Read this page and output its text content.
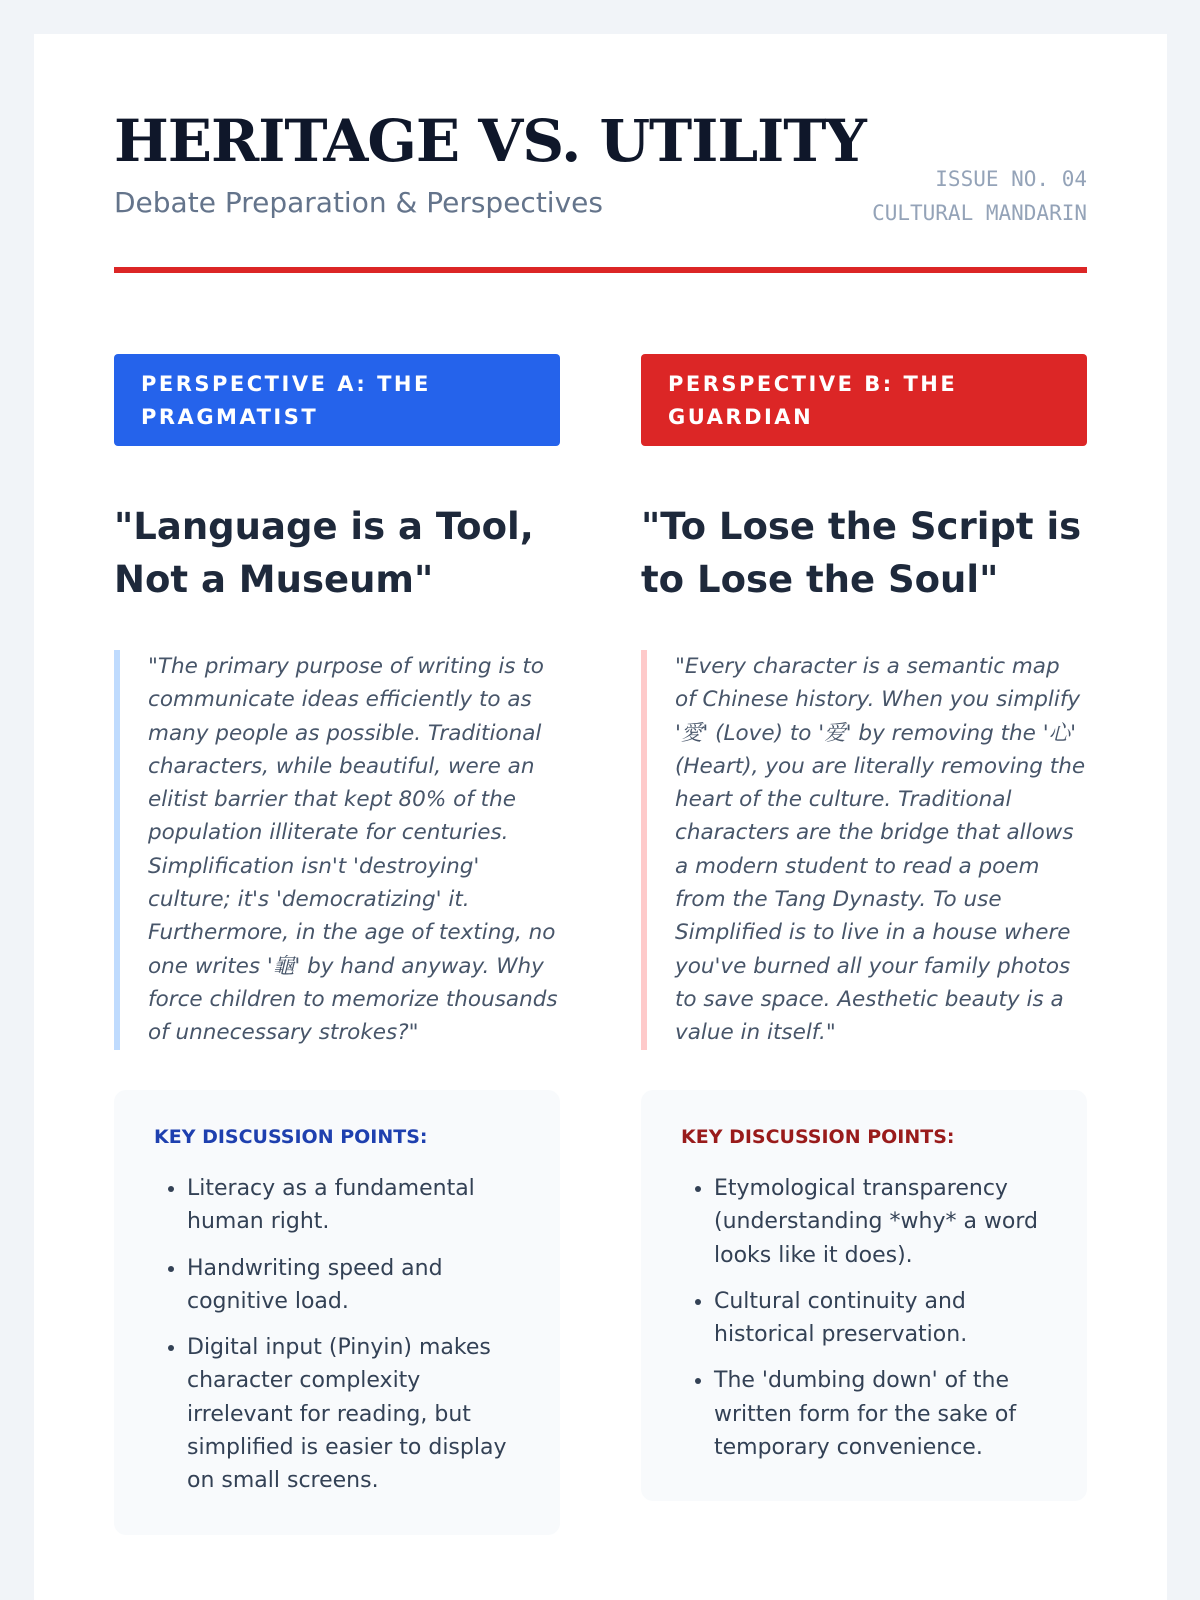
HERITAGE VS. UTILITY
Debate Preparation & Perspectives
ISSUE NO. 04
CULTURAL MANDARIN
PERSPECTIVE A: THE PRAGMATIST
"Language is a Tool, Not a Museum"
"The primary purpose of writing is to communicate ideas efficiently to as many people as possible. Traditional characters, while beautiful, were an elitist barrier that kept 80% of the population illiterate for centuries. Simplification isn't 'destroying' culture; it's 'democratizing' it. Furthermore, in the age of texting, no one writes '龜' by hand anyway. Why force children to memorize thousands of unnecessary strokes?"
KEY DISCUSSION POINTS:
• Literacy as a fundamental human right.
• Handwriting speed and cognitive load.
• Digital input (Pinyin) makes character complexity irrelevant for reading, but simplified is easier to display on small screens.
PERSPECTIVE B: THE GUARDIAN
"To Lose the Script is to Lose the Soul"
"Every character is a semantic map of Chinese history. When you simplify '愛' (Love) to '爱' by removing the '心' (Heart), you are literally removing the heart of the culture. Traditional characters are the bridge that allows a modern student to read a poem from the Tang Dynasty. To use Simplified is to live in a house where you've burned all your family photos to save space. Aesthetic beauty is a value in itself."
KEY DISCUSSION POINTS:
• Etymological transparency (understanding *why* a word looks like it does).
• Cultural continuity and historical preservation.
• The 'dumbing down' of the written form for the sake of temporary convenience.
